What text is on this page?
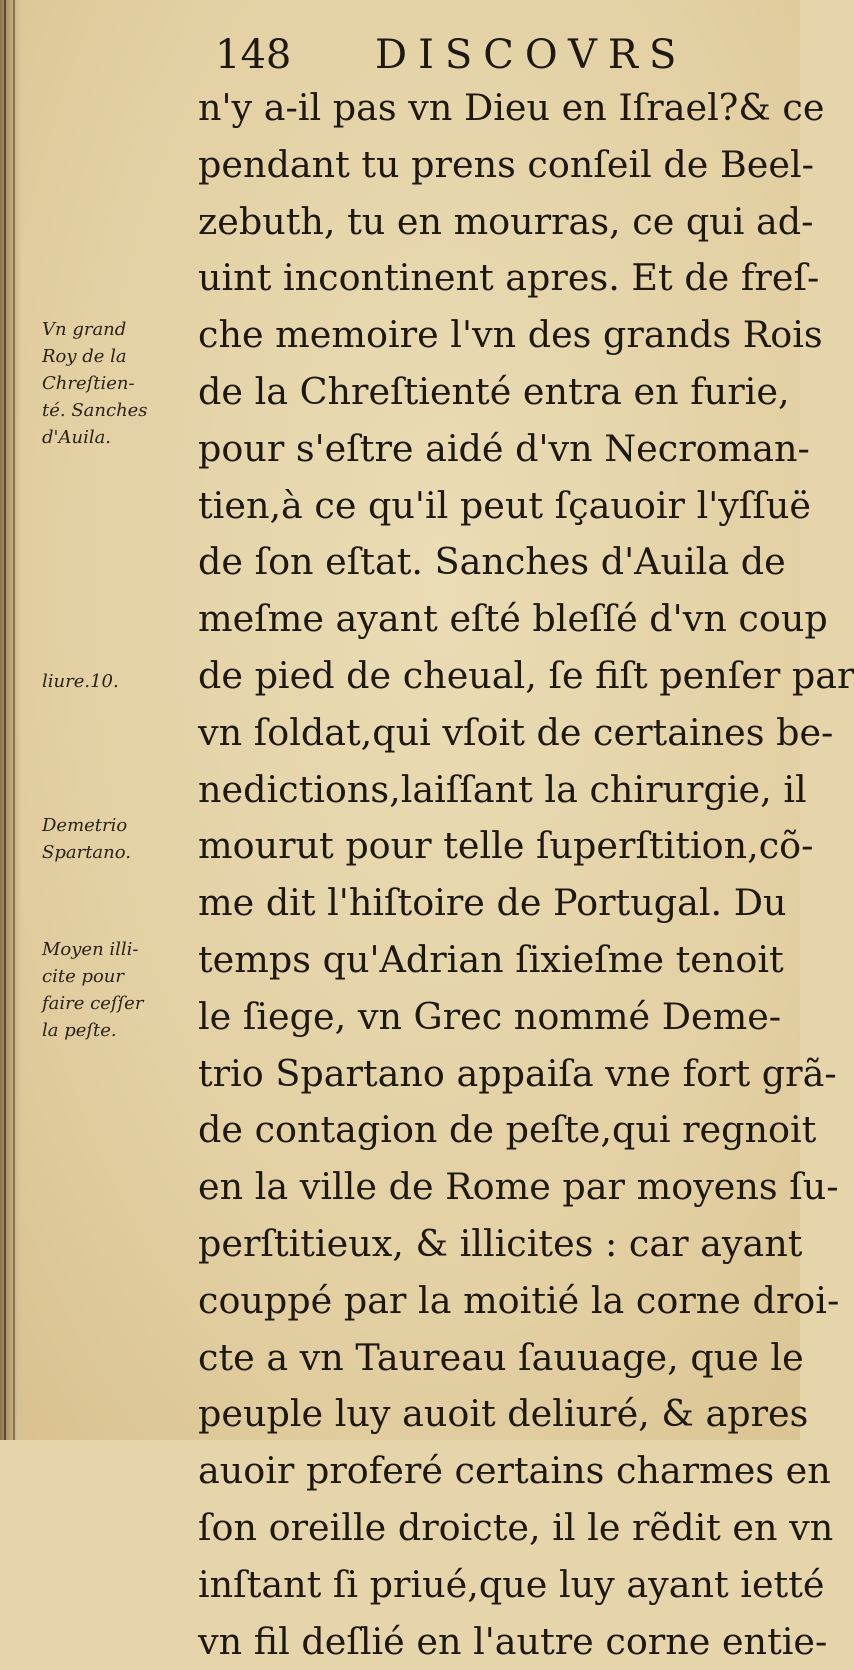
148 DISCOVRS
n'y a-il pas vn Dieu en Iſrael?& ce
pendant tu prens conſeil de Beel-
zebuth, tu en mourras, ce qui ad-
uint incontinent apres. Et de freſ-
che memoire l'vn des grands Rois
de la Chreſtienté entra en furie,
pour s'eſtre aidé d'vn Necroman-
tien,à ce qu'il peut ſçauoir l'yſſuë
de ſon eſtat. Sanches d'Auila de
meſme ayant eſté bleſſé d'vn coup
de pied de cheual, ſe fiſt penſer par
vn ſoldat,qui vſoit de certaines be-
nedictions,laiſſant la chirurgie, il
mourut pour telle ſuperſtition,cõ-
me dit l'hiſtoire de Portugal. Du
temps qu'Adrian ſixieſme tenoit
le ſiege, vn Grec nommé Deme-
trio Spartano appaiſa vne fort grã-
de contagion de peſte,qui regnoit
en la ville de Rome par moyens ſu-
perſtitieux, & illicites : car ayant
couppé par la moitié la corne droi-
cte a vn Taureau ſauuage, que le
peuple luy auoit deliuré, & apres
auoir proferé certains charmes en
ſon oreille droicte, il le rẽdit en vn
inſtant ſi priué,que luy ayant ietté
vn fil deſlié en l'autre corne entie-
Vn grand
Roy de la
Chreſtien-
té. Sanches
d'Auila.
liure.10.
Demetrio
Spartano.
Moyen illi-
cite pour
faire ceſſer
la peſte.
